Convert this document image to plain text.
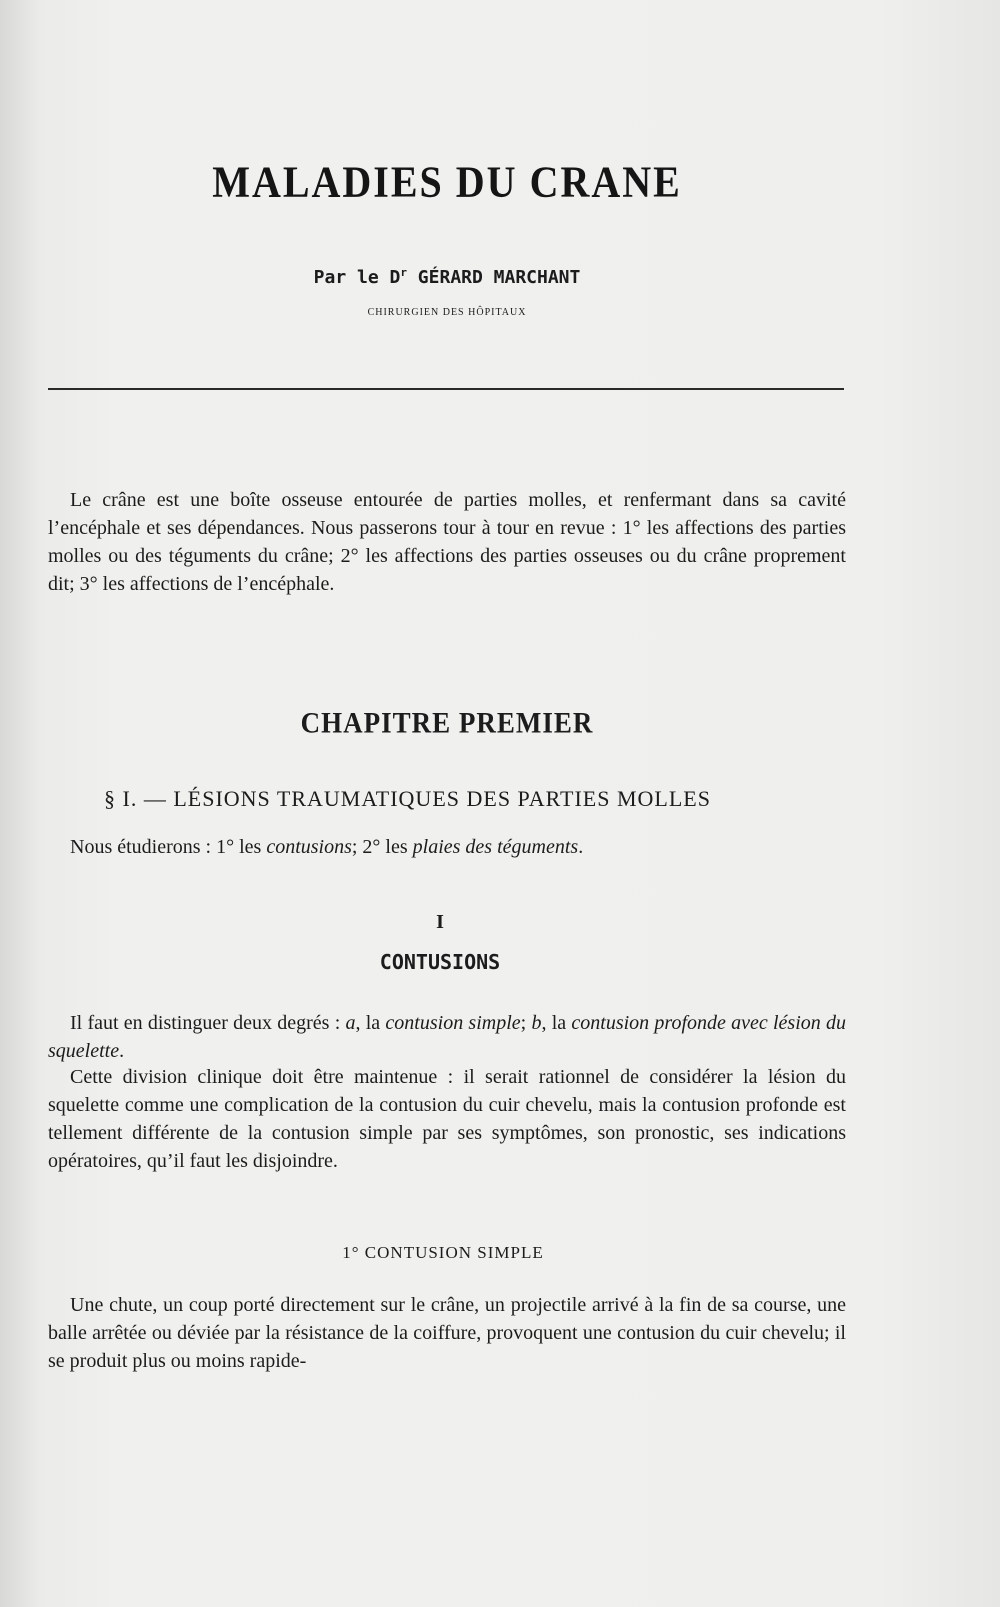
MALADIES DU CRANE
Par le $D^r$ GÉRARD MARCHANT
CHIRURGIEN DES HÔPITAUX

Le crâne est une boîte osseuse entourée de parties molles, et renfermant dans sa cavité l’encéphale et ses dépendances. Nous passerons tour à tour en revue : 1° les affections des parties molles ou des téguments du crâne; 2° les affections des parties osseuses ou du crâne proprement dit; 3° les affections de l’encéphale.

CHAPITRE PREMIER
§ I. — LÉSIONS TRAUMATIQUES DES PARTIES MOLLES

Nous étudierons : 1° les contusions; 2° les plaies des téguments.

I
CONTUSIONS

Il faut en distinguer deux degrés : a, la contusion simple; b, la contusion profonde avec lésion du squelette.

Cette division clinique doit être maintenue : il serait rationnel de considérer la lésion du squelette comme une complication de la contusion du cuir chevelu, mais la contusion profonde est tellement différente de la contusion simple par ses symptômes, son pronostic, ses indications opératoires, qu’il faut les disjoindre.

1° CONTUSION SIMPLE

Une chute, un coup porté directement sur le crâne, un projectile arrivé à la fin de sa course, une balle arrêtée ou déviée par la résistance de la coiffure, provoquent une contusion du cuir chevelu; il se produit plus ou moins rapide-
